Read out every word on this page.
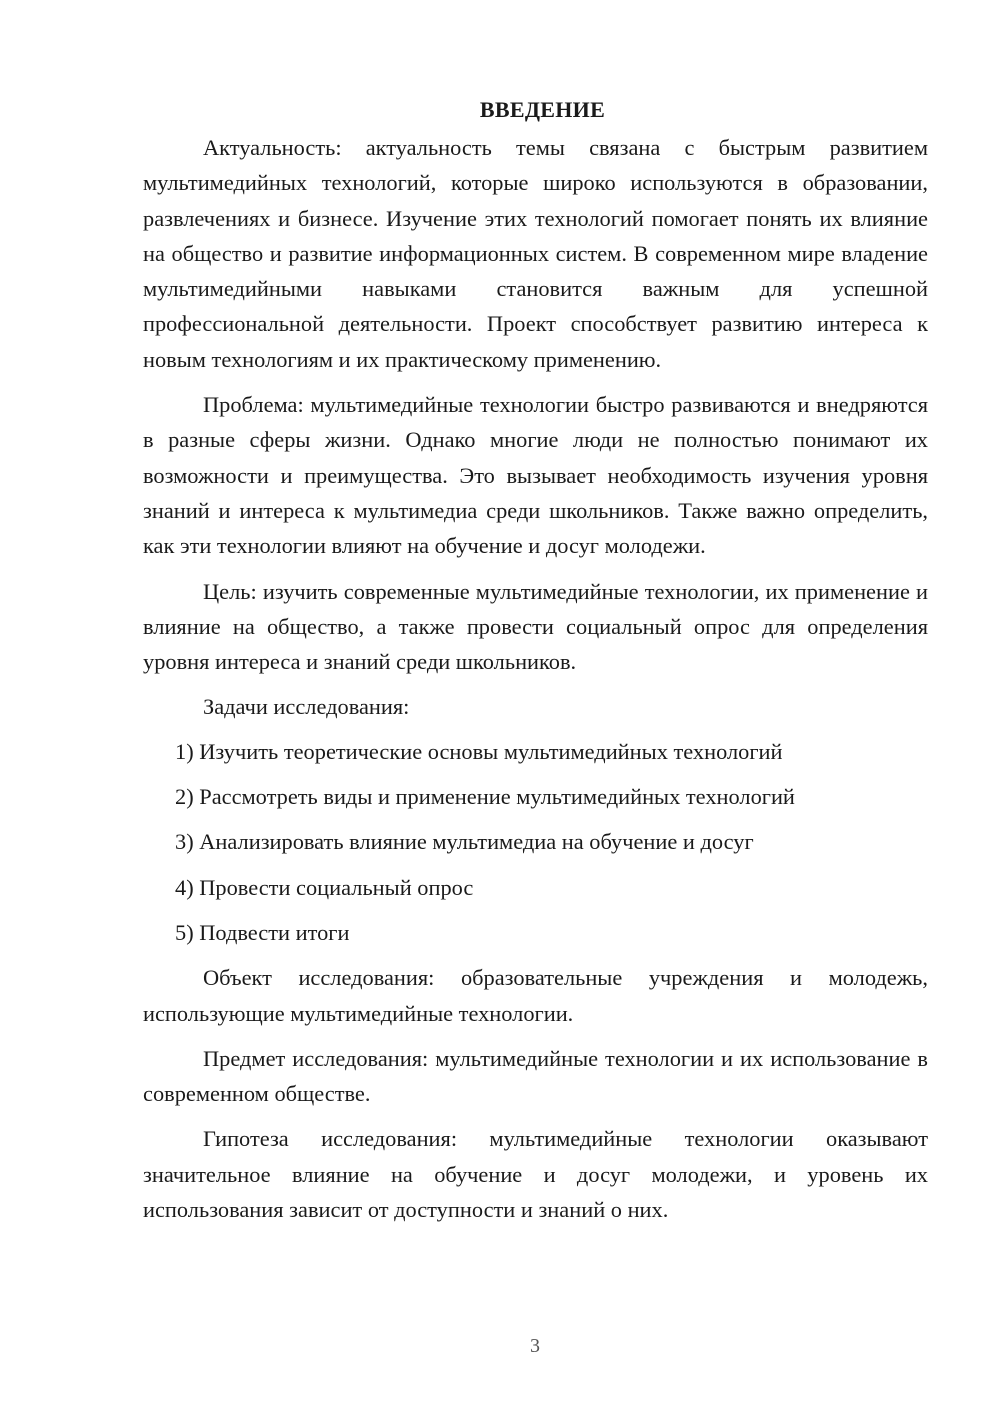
ВВЕДЕНИЕ

Актуальность: актуальность темы связана с быстрым развитием мультимедийных технологий, которые широко используются в образовании, развлечениях и бизнесе. Изучение этих технологий помогает понять их влияние на общество и развитие информационных систем. В современном мире владение мультимедийными навыками становится важным для успешной профессиональной деятельности. Проект способствует развитию интереса к новым технологиям и их практическому применению.

Проблема: мультимедийные технологии быстро развиваются и внедряются в разные сферы жизни. Однако многие люди не полностью понимают их возможности и преимущества. Это вызывает необходимость изучения уровня знаний и интереса к мультимедиа среди школьников. Также важно определить, как эти технологии влияют на обучение и досуг молодежи.

Цель: изучить современные мультимедийные технологии, их применение и влияние на общество, а также провести социальный опрос для определения уровня интереса и знаний среди школьников.

Задачи исследования:

1) Изучить теоретические основы мультимедийных технологий
2) Рассмотреть виды и применение мультимедийных технологий
3) Анализировать влияние мультимедиа на обучение и досуг
4) Провести социальный опрос
5) Подвести итоги

Объект исследования: образовательные учреждения и молодежь, использующие мультимедийные технологии.

Предмет исследования: мультимедийные технологии и их использование в современном обществе.

Гипотеза исследования: мультимедийные технологии оказывают значительное влияние на обучение и досуг молодежи, и уровень их использования зависит от доступности и знаний о них.

3
